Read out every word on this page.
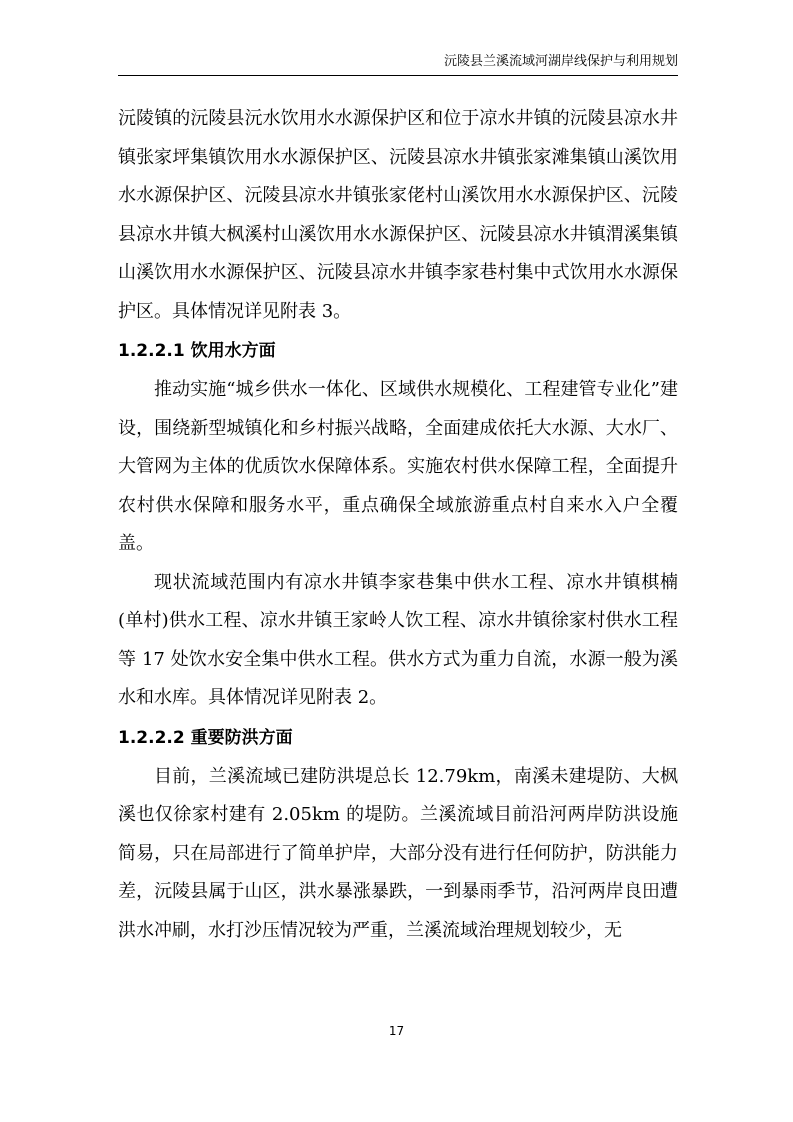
沅陵县兰溪流域河湖岸线保护与利用规划

沅陵镇的沅陵县沅水饮用水水源保护区和位于凉水井镇的沅陵县凉水井镇张家坪集镇饮用水水源保护区、沅陵县凉水井镇张家滩集镇山溪饮用水水源保护区、沅陵县凉水井镇张家佬村山溪饮用水水源保护区、沅陵县凉水井镇大枫溪村山溪饮用水水源保护区、沅陵县凉水井镇渭溪集镇山溪饮用水水源保护区、沅陵县凉水井镇李家巷村集中式饮用水水源保护区。具体情况详见附表 3。

1.2.2.1 饮用水方面

推动实施“城乡供水一体化、区域供水规模化、工程建管专业化”建设，围绕新型城镇化和乡村振兴战略，全面建成依托大水源、大水厂、大管网为主体的优质饮水保障体系。实施农村供水保障工程，全面提升农村供水保障和服务水平，重点确保全域旅游重点村自来水入户全覆盖。

现状流域范围内有凉水井镇李家巷集中供水工程、凉水井镇棋楠(单村)供水工程、凉水井镇王家岭人饮工程、凉水井镇徐家村供水工程等 17 处饮水安全集中供水工程。供水方式为重力自流，水源一般为溪水和水库。具体情况详见附表 2。

1.2.2.2 重要防洪方面

目前，兰溪流域已建防洪堤总长 12.79km，南溪未建堤防、大枫溪也仅徐家村建有 2.05km 的堤防。兰溪流域目前沿河两岸防洪设施简易，只在局部进行了简单护岸，大部分没有进行任何防护，防洪能力差，沅陵县属于山区，洪水暴涨暴跌，一到暴雨季节，沿河两岸良田遭洪水冲刷，水打沙压情况较为严重，兰溪流域治理规划较少，无

17
